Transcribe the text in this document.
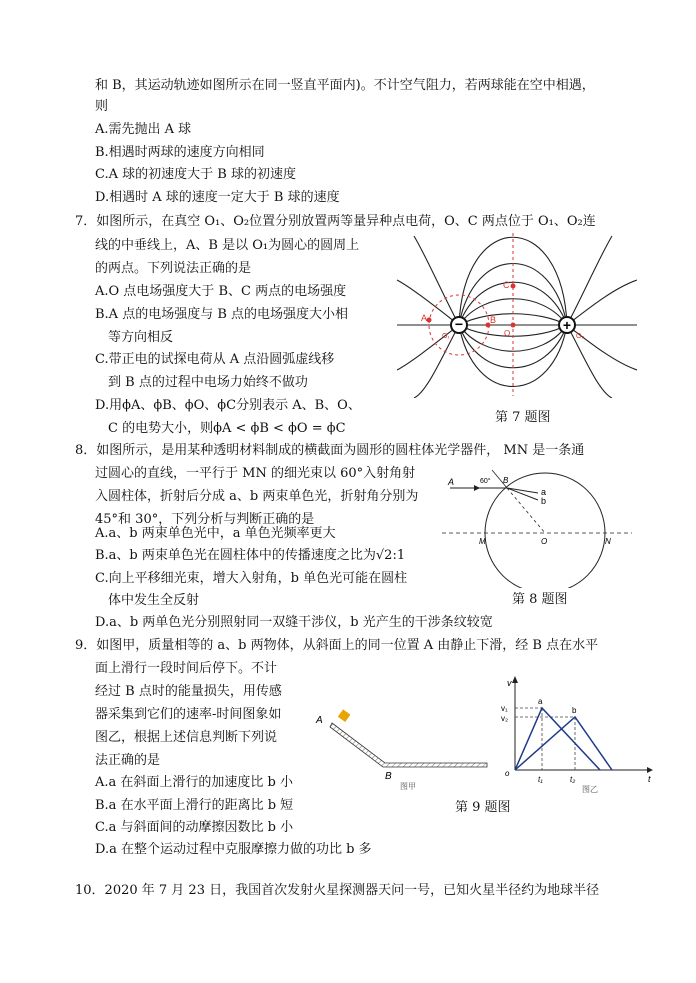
和 B，其运动轨迹如图所示在同一竖直平面内)。不计空气阻力，若两球能在空中相遇，
则
A.需先抛出 A 球
B.相遇时两球的速度方向相同
C.A 球的初速度大于 B 球的初速度
D.相遇时 A 球的速度一定大于 B 球的速度
7．如图所示，在真空 O₁、O₂位置分别放置两等量异种点电荷，O、C 两点位于 O₁、O₂连
线的中垂线上，A、B 是以 O₁为圆心的圆周上
的两点。下列说法正确的是
A.O 点电场强度大于 B、C 两点的电场强度
B.A 点的电场强度与 B 点的电场强度大小相
等方向相反
C.带正电的试探电荷从 A 点沿圆弧虚线移
到 B 点的过程中电场力始终不做功
D.用ϕA、ϕB、ϕO、ϕC分别表示 A、B、O、
C 的电势大小，则ϕA < ϕB < ϕO = ϕC
−	+
A	B
O
C
O₁	O₂
第 7 题图
8．如图所示，是用某种透明材料制成的横截面为圆形的圆柱体光学器件， MN 是一条通
过圆心的直线，一平行于 MN 的细光束以 60°入射角射
入圆柱体，折射后分成 a、b 两束单色光，折射角分别为
45°和 30°，下列分析与判断正确的是
A.a、b 两束单色光中，a 单色光频率更大
B.a、b 两束单色光在圆柱体中的传播速度之比为√2:1
C.向上平移细光束，增大入射角，b 单色光可能在圆柱
体中发生全反射
D.a、b 两单色光分别照射同一双缝干涉仪，b 光产生的干涉条纹较宽
A	B
60°
a
b
M	O	N
第 8 题图
9．如图甲，质量相等的 a、b 两物体，从斜面上的同一位置 A 由静止下滑，经 B 点在水平
面上滑行一段时间后停下。不计
经过 B 点时的能量损失，用传感
器采集到它们的速率-时间图象如
图乙，根据上述信息判断下列说
法正确的是
A.a 在斜面上滑行的加速度比 b 小
B.a 在水平面上滑行的距离比 b 短
C.a 与斜面间的动摩擦因数比 b 小
D.a 在整个运动过程中克服摩擦力做的功比 b 多
A
B
图甲
v
v₁
v₂
a
b
o
t₁	t₂	t
图乙
第 9 题图
10．2020 年 7 月 23 日，我国首次发射火星探测器天问一号，已知火星半径约为地球半径
